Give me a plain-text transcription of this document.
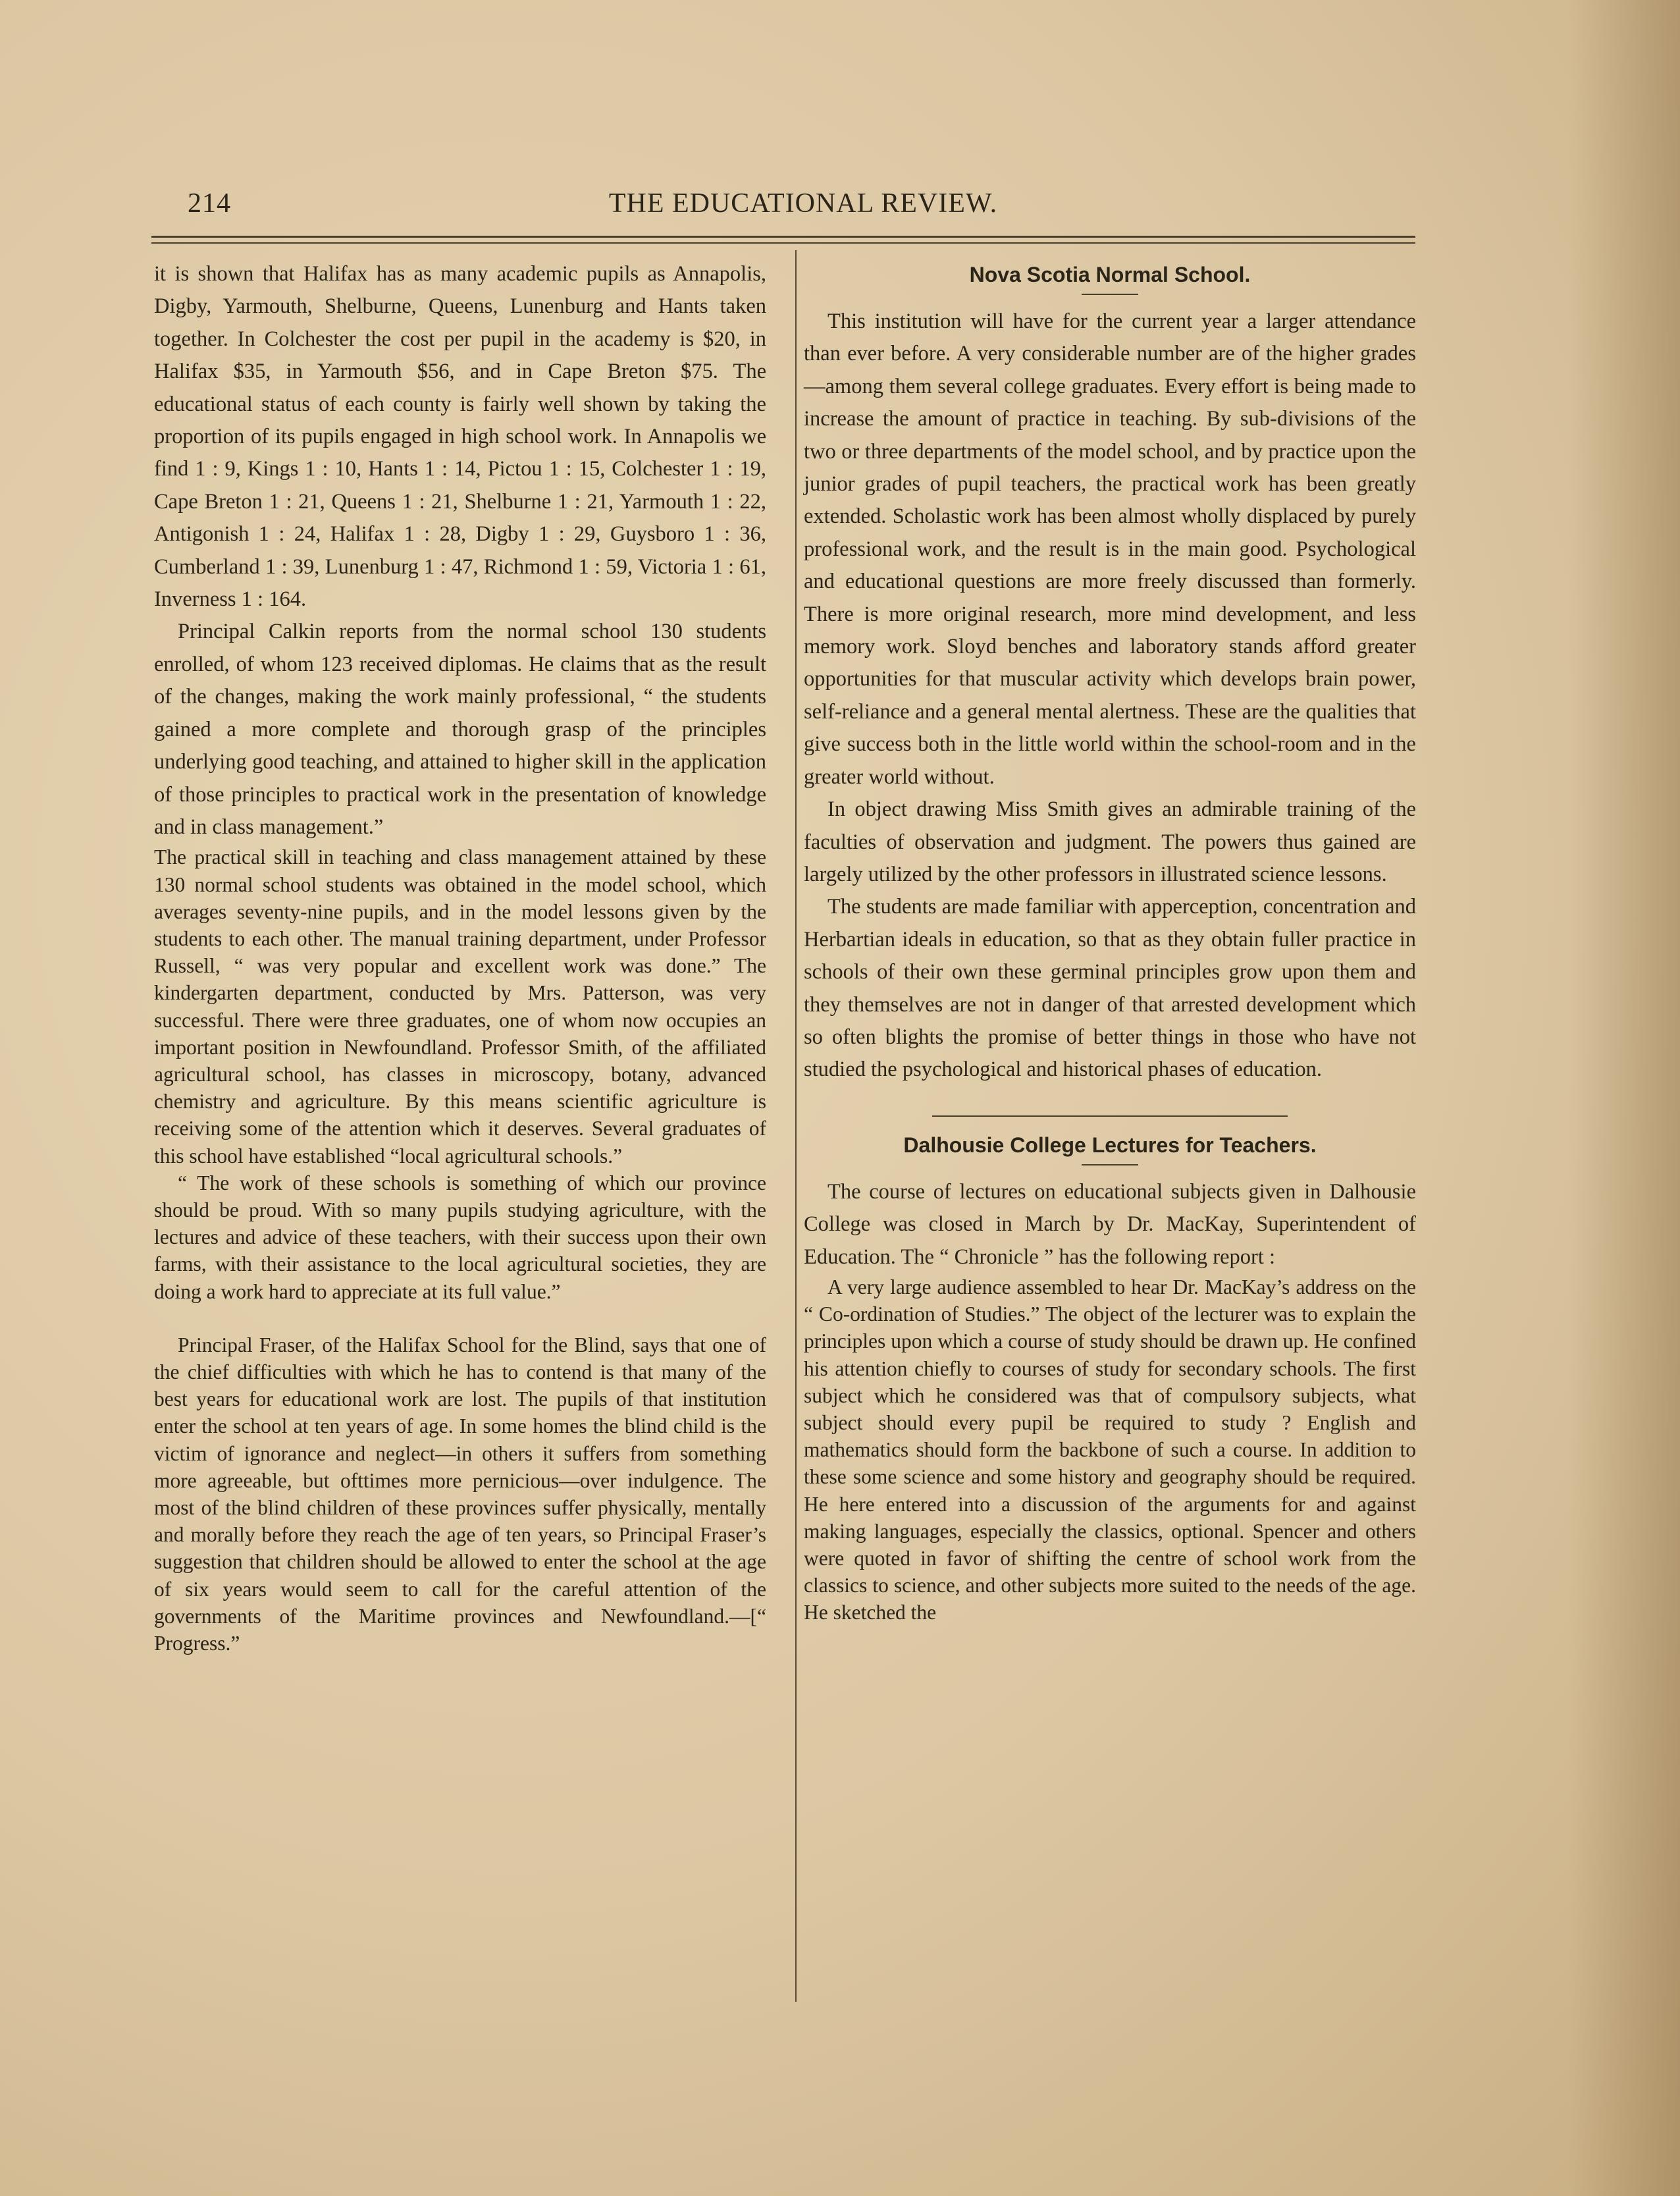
214	THE EDUCATIONAL REVIEW.

it is shown that Halifax has as many academic pupils as Annapolis, Digby, Yarmouth, Shelburne, Queens, Lunenburg and Hants taken together. In Colchester the cost per pupil in the academy is $20, in Halifax $35, in Yarmouth $56, and in Cape Breton $75. The educational status of each county is fairly well shown by taking the proportion of its pupils engaged in high school work. In Annapolis we find 1 : 9, Kings 1 : 10, Hants 1 : 14, Pictou 1 : 15, Colchester 1 : 19, Cape Breton 1 : 21, Queens 1 : 21, Shelburne 1 : 21, Yarmouth 1 : 22, Antigonish 1 : 24, Halifax 1 : 28, Digby 1 : 29, Guysboro 1 : 36, Cumberland 1 : 39, Lunenburg 1 : 47, Richmond 1 : 59, Victoria 1 : 61, Inverness 1 : 164.

Principal Calkin reports from the normal school 130 students enrolled, of whom 123 received diplomas. He claims that as the result of the changes, making the work mainly professional, “ the students gained a more complete and thorough grasp of the principles underlying good teaching, and attained to higher skill in the application of those principles to practical work in the presentation of knowledge and in class management.”

The practical skill in teaching and class management attained by these 130 normal school students was obtained in the model school, which averages seventy-nine pupils, and in the model lessons given by the students to each other. The manual training department, under Professor Russell, “ was very popular and excellent work was done.” The kindergarten department, conducted by Mrs. Patterson, was very successful. There were three graduates, one of whom now occupies an important position in Newfoundland. Professor Smith, of the affiliated agricultural school, has classes in microscopy, botany, advanced chemistry and agriculture. By this means scientific agriculture is receiving some of the attention which it deserves. Several graduates of this school have established “local agricultural schools.”

“ The work of these schools is something of which our province should be proud. With so many pupils studying agriculture, with the lectures and advice of these teachers, with their success upon their own farms, with their assistance to the local agricultural societies, they are doing a work hard to appreciate at its full value.”

Principal Fraser, of the Halifax School for the Blind, says that one of the chief difficulties with which he has to contend is that many of the best years for educational work are lost. The pupils of that institution enter the school at ten years of age. In some homes the blind child is the victim of ignorance and neglect—in others it suffers from something more agreeable, but ofttimes more pernicious—over indulgence. The most of the blind children of these provinces suffer physically, mentally and morally before they reach the age of ten years, so Principal Fraser’s suggestion that children should be allowed to enter the school at the age of six years would seem to call for the careful attention of the governments of the Maritime provinces and Newfoundland.—[“ Progress.”

Nova Scotia Normal School.

This institution will have for the current year a larger attendance than ever before. A very considerable number are of the higher grades—among them several college graduates. Every effort is being made to increase the amount of practice in teaching. By sub-divisions of the two or three departments of the model school, and by practice upon the junior grades of pupil teachers, the practical work has been greatly extended. Scholastic work has been almost wholly displaced by purely professional work, and the result is in the main good. Psychological and educational questions are more freely discussed than formerly. There is more original research, more mind development, and less memory work. Sloyd benches and laboratory stands afford greater opportunities for that muscular activity which develops brain power, self-reliance and a general mental alertness. These are the qualities that give success both in the little world within the school-room and in the greater world without.

In object drawing Miss Smith gives an admirable training of the faculties of observation and judgment. The powers thus gained are largely utilized by the other professors in illustrated science lessons.

The students are made familiar with apperception, concentration and Herbartian ideals in education, so that as they obtain fuller practice in schools of their own these germinal principles grow upon them and they themselves are not in danger of that arrested development which so often blights the promise of better things in those who have not studied the psychological and historical phases of education.

Dalhousie College Lectures for Teachers.

The course of lectures on educational subjects given in Dalhousie College was closed in March by Dr. MacKay, Superintendent of Education. The “ Chronicle ” has the following report :

A very large audience assembled to hear Dr. MacKay’s address on the “ Co-ordination of Studies.” The object of the lecturer was to explain the principles upon which a course of study should be drawn up. He confined his attention chiefly to courses of study for secondary schools. The first subject which he considered was that of compulsory subjects, what subject should every pupil be required to study ? English and mathematics should form the backbone of such a course. In addition to these some science and some history and geography should be required. He here entered into a discussion of the arguments for and against making languages, especially the classics, optional. Spencer and others were quoted in favor of shifting the centre of school work from the classics to science, and other subjects more suited to the needs of the age. He sketched the
